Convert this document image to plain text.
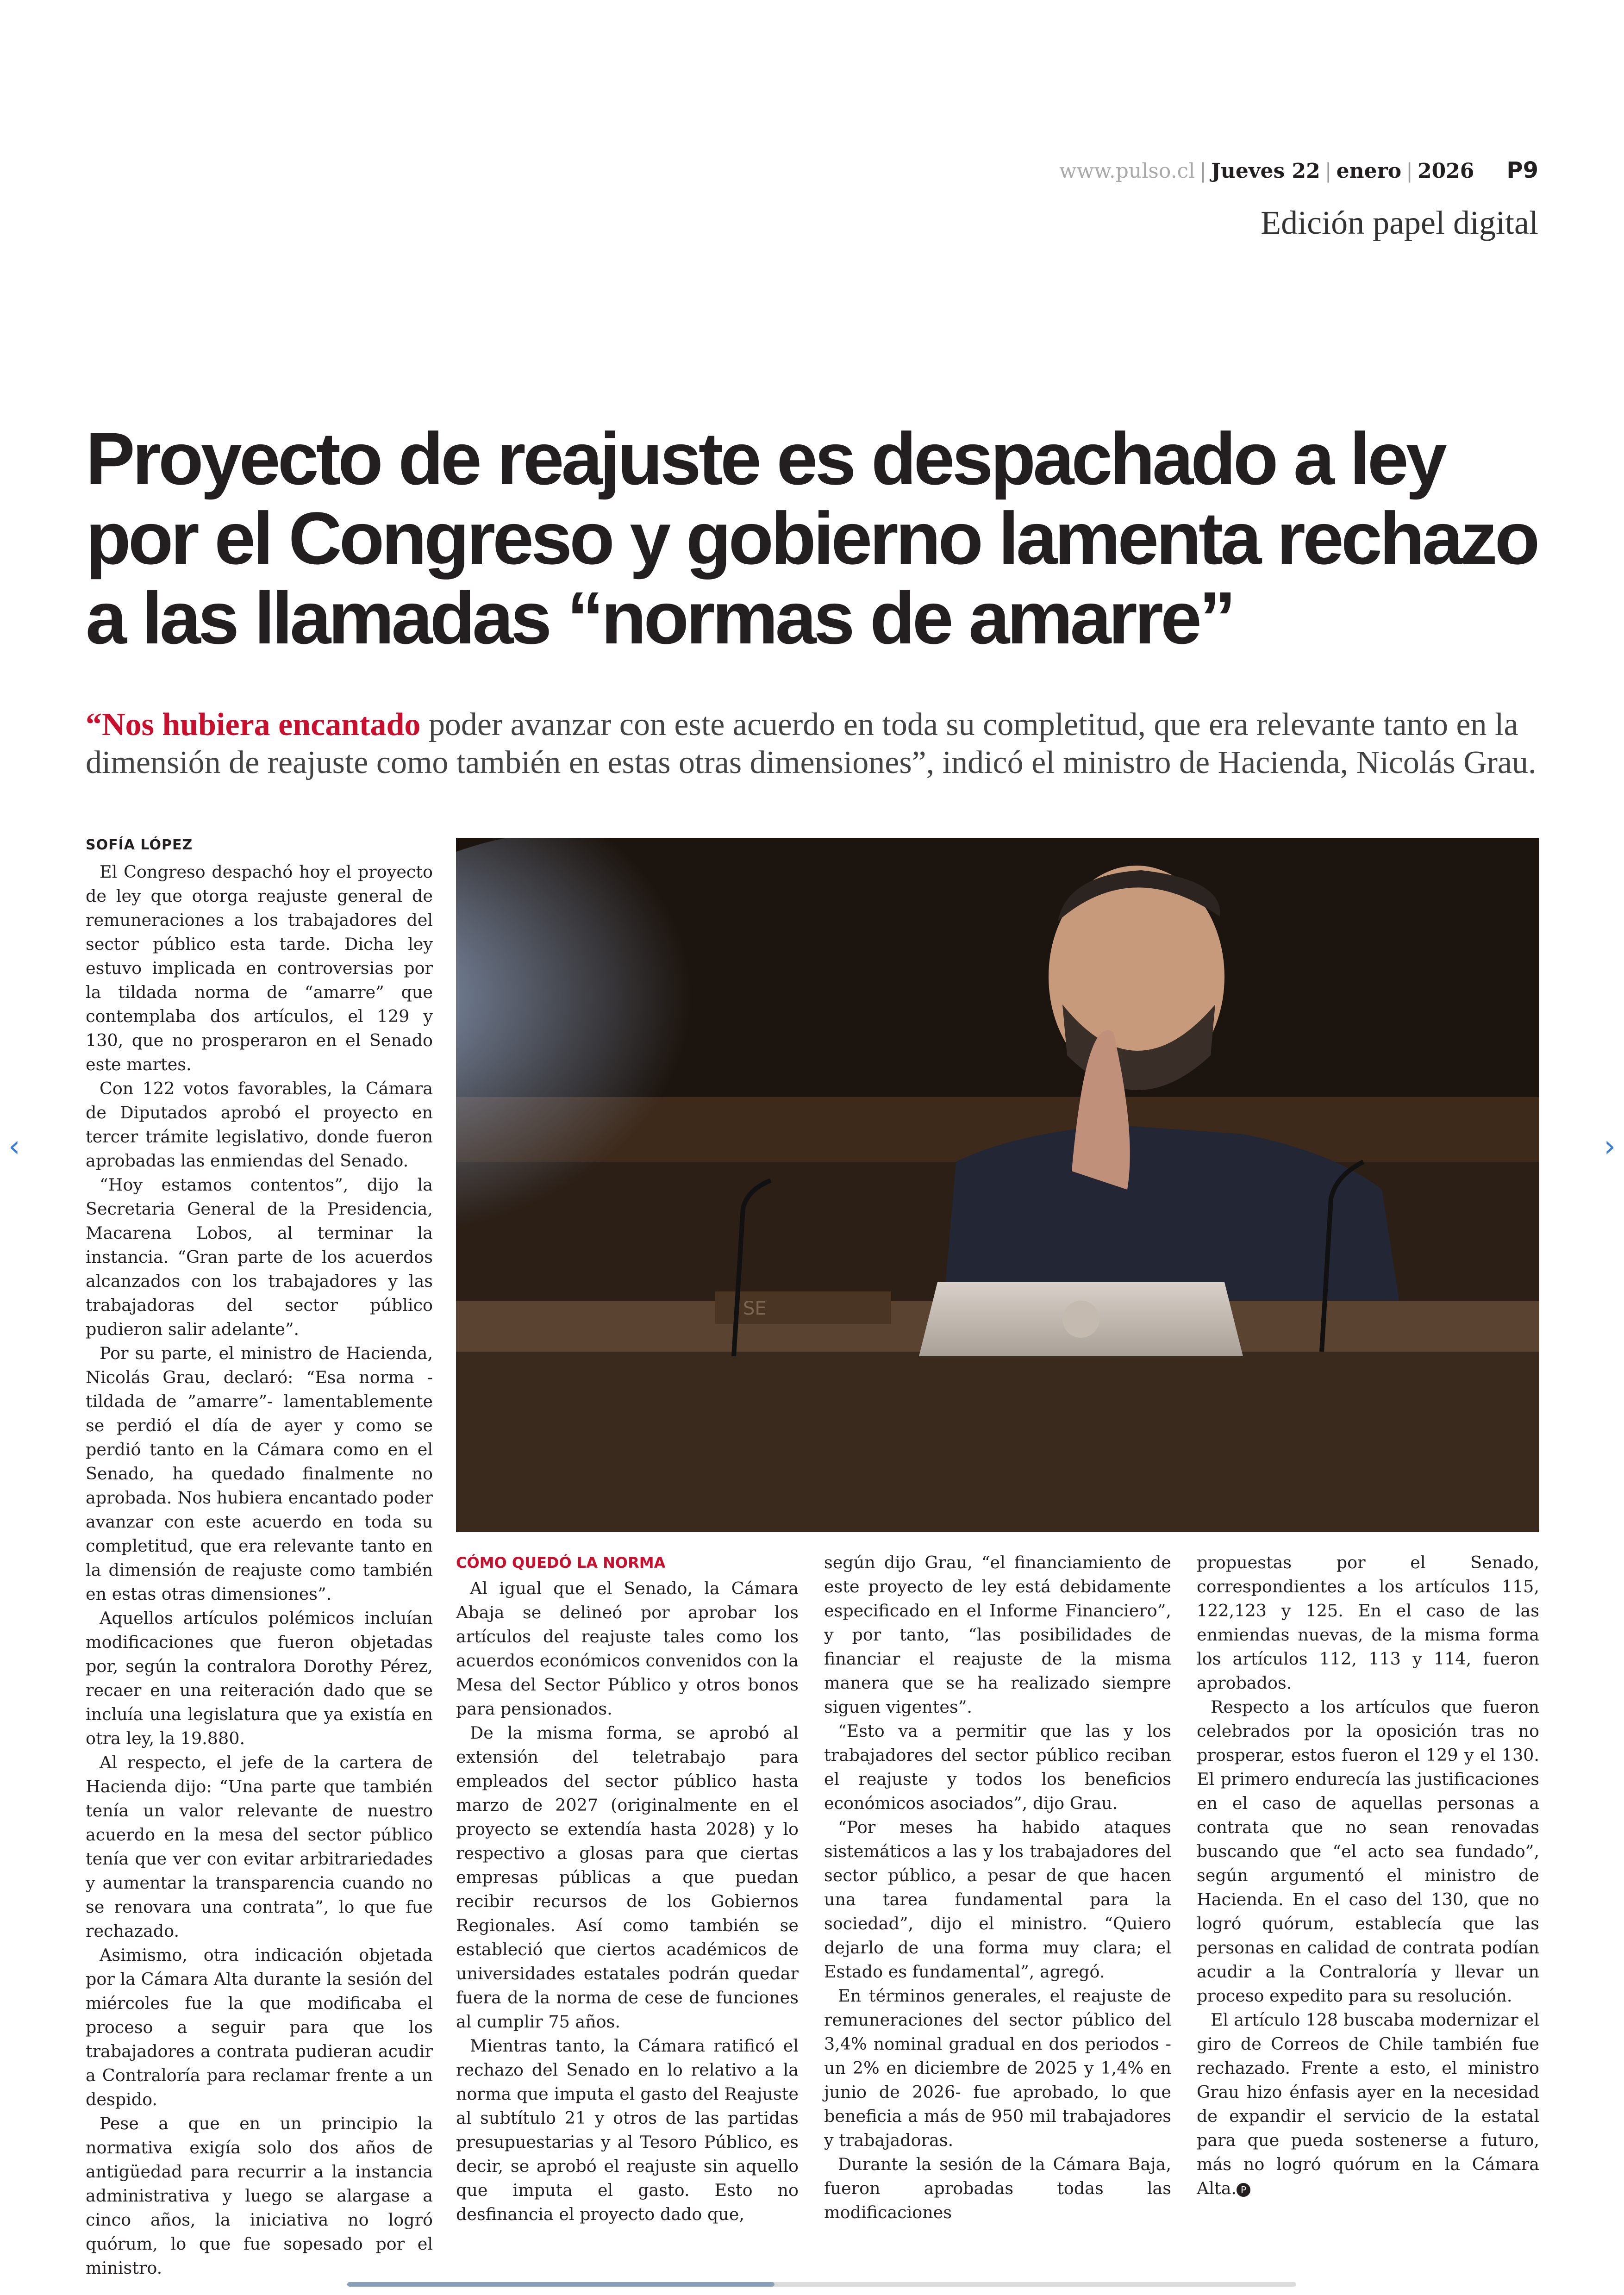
www.pulso.cl | Jueves 22 | enero | 2026 P9
Edición papel digital
Proyecto de reajuste es despachado a ley por el Congreso y gobierno lamenta rechazo a las llamadas “normas de amarre”

“Nos hubiera encantado poder avanzar con este acuerdo en toda su completitud, que era relevante tanto en la dimensión de reajuste como también en estas otras dimensiones”, indicó el ministro de Hacienda, Nicolás Grau.

SE
SOFÍA LÓPEZ

El Congreso despachó hoy el proyecto de ley que otorga reajuste general de remuneraciones a los trabajadores del sector público esta tarde. Dicha ley estuvo implicada en controversias por la tildada norma de “amarre” que contemplaba dos artículos, el 129 y 130, que no prosperaron en el Senado este martes.

Con 122 votos favorables, la Cámara de Diputados aprobó el proyecto en tercer trámite legislativo, donde fueron aprobadas las enmiendas del Senado.

“Hoy estamos contentos”, dijo la Secretaria General de la Presidencia, Macarena Lobos, al terminar la instancia. “Gran parte de los acuerdos alcanzados con los trabajadores y las trabajadoras del sector público pudieron salir adelante”.

Por su parte, el ministro de Hacienda, Nicolás Grau, declaró: “Esa norma -tildada de ”amarre”- lamentablemente se perdió el día de ayer y como se perdió tanto en la Cámara como en el Senado, ha quedado finalmente no aprobada. Nos hubiera encantado poder avanzar con este acuerdo en toda su completitud, que era relevante tanto en la dimensión de reajuste como también en estas otras dimensiones”.

Aquellos artículos polémicos incluían modificaciones que fueron objetadas por, según la contralora Dorothy Pérez, recaer en una reiteración dado que se incluía una legislatura que ya existía en otra ley, la 19.880.

Al respecto, el jefe de la cartera de Hacienda dijo: “Una parte que también tenía un valor relevante de nuestro acuerdo en la mesa del sector público tenía que ver con evitar arbitrariedades y aumentar la transparencia cuando no se renovara una contrata”, lo que fue rechazado.

Asimismo, otra indicación objetada por la Cámara Alta durante la sesión del miércoles fue la que modificaba el proceso a seguir para que los trabajadores a contrata pudieran acudir a Contraloría para reclamar frente a un despido.

Pese a que en un principio la normativa exigía solo dos años de antigüedad para recurrir a la instancia administrativa y luego se alargase a cinco años, la iniciativa no logró quórum, lo que fue sopesado por el ministro.

CÓMO QUEDÓ LA NORMA

Al igual que el Senado, la Cámara Abaja se delineó por aprobar los artículos del reajuste tales como los acuerdos económicos convenidos con la Mesa del Sector Público y otros bonos para pensionados.

De la misma forma, se aprobó al extensión del teletrabajo para empleados del sector público hasta marzo de 2027 (originalmente en el proyecto se extendía hasta 2028) y lo respectivo a glosas para que ciertas empresas públicas a que puedan recibir recursos de los Gobiernos Regionales. Así como también se estableció que ciertos académicos de universidades estatales podrán quedar fuera de la norma de cese de funciones al cumplir 75 años.

Mientras tanto, la Cámara ratificó el rechazo del Senado en lo relativo a la norma que imputa el gasto del Reajuste al subtítulo 21 y otros de las partidas presupuestarias y al Tesoro Público, es decir, se aprobó el reajuste sin aquello que imputa el gasto. Esto no desfinancia el proyecto dado que,

según dijo Grau, “el financiamiento de este proyecto de ley está debidamente especificado en el Informe Financiero”, y por tanto, “las posibilidades de financiar el reajuste de la misma manera que se ha realizado siempre siguen vigentes”.

“Esto va a permitir que las y los trabajadores del sector público reciban el reajuste y todos los beneficios económicos asociados”, dijo Grau.

“Por meses ha habido ataques sistemáticos a las y los trabajadores del sector público, a pesar de que hacen una tarea fundamental para la sociedad”, dijo el ministro. “Quiero dejarlo de una forma muy clara; el Estado es fundamental”, agregó.

En términos generales, el reajuste de remuneraciones del sector público del 3,4% nominal gradual en dos periodos -un 2% en diciembre de 2025 y 1,4% en junio de 2026- fue aprobado, lo que beneficia a más de 950 mil trabajadores y trabajadoras.

Durante la sesión de la Cámara Baja, fueron aprobadas todas las modificaciones

propuestas por el Senado, correspondientes a los artículos 115, 122,123 y 125. En el caso de las enmiendas nuevas, de la misma forma los artículos 112, 113 y 114, fueron aprobados.

Respecto a los artículos que fueron celebrados por la oposición tras no prosperar, estos fueron el 129 y el 130. El primero endurecía las justificaciones en el caso de aquellas personas a contrata que no sean renovadas buscando que “el acto sea fundado”, según argumentó el ministro de Hacienda. En el caso del 130, que no logró quórum, establecía que las personas en calidad de contrata podían acudir a la Contraloría y llevar un proceso expedito para su resolución.

El artículo 128 buscaba modernizar el giro de Correos de Chile también fue rechazado. Frente a esto, el ministro Grau hizo énfasis ayer en la necesidad de expandir el servicio de la estatal para que pueda sostenerse a futuro, más no logró quórum en la Cámara Alta. P

‹	›
